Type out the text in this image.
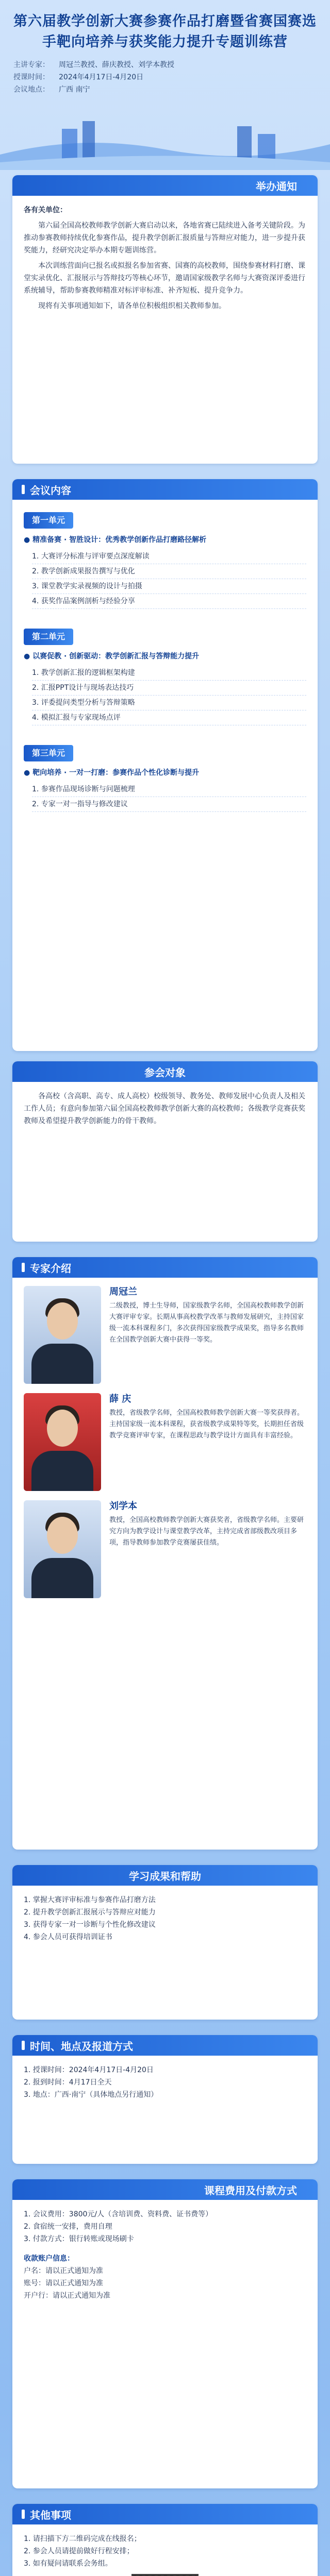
第六届教学创新大赛参赛作品打磨暨省赛国赛选手靶向培养与获奖能力提升专题训练营
主讲专家：	周冠兰教授、薛庆教授、刘学本教授
授课时间：	2024年4月17日-4月20日
会议地点：	广西 南宁
举办通知
各有关单位：

第六届全国高校教师教学创新大赛启动以来，各地省赛已陆续进入备考关键阶段。为推动参赛教师持续优化参赛作品，提升教学创新汇报质量与答辩应对能力，进一步提升获奖能力，经研究决定举办本期专题训练营。

本次训练营面向已报名或拟报名参加省赛、国赛的高校教师，围绕参赛材料打磨、课堂实录优化、汇报展示与答辩技巧等核心环节，邀请国家级教学名师与大赛资深评委进行系统辅导，帮助参赛教师精准对标评审标准、补齐短板、提升竞争力。

现将有关事项通知如下，请各单位积极组织相关教师参加。

会议内容
第一单元
● 精准备赛 · 智胜设计：优秀教学创新作品打磨路径解析
1. 大赛评分标准与评审要点深度解读
2. 教学创新成果报告撰写与优化
3. 课堂教学实录视频的设计与拍摄
4. 获奖作品案例剖析与经验分享
第二单元
● 以赛促教 · 创新驱动：教学创新汇报与答辩能力提升
1. 教学创新汇报的逻辑框架构建
2. 汇报PPT设计与现场表达技巧
3. 评委提问类型分析与答辩策略
4. 模拟汇报与专家现场点评
第三单元
● 靶向培养 · 一对一打磨：参赛作品个性化诊断与提升
1. 参赛作品现场诊断与问题梳理
2. 专家一对一指导与修改建议
参会对象

各高校（含高职、高专、成人高校）校级领导、教务处、教师发展中心负责人及相关工作人员；有意向参加第六届全国高校教师教学创新大赛的高校教师；各级教学竞赛获奖教师及希望提升教学创新能力的骨干教师。

专家介绍
周冠兰
二级教授，博士生导师，国家级教学名师，全国高校教师教学创新大赛评审专家。长期从事高校教学改革与教师发展研究，主持国家级一流本科课程多门，多次获得国家级教学成果奖，指导多名教师在全国教学创新大赛中获得一等奖。
薛 庆
教授，省级教学名师，全国高校教师教学创新大赛一等奖获得者。主持国家级一流本科课程，获省级教学成果特等奖，长期担任省级教学竞赛评审专家，在课程思政与教学设计方面具有丰富经验。
刘学本
教授，全国高校教师教学创新大赛获奖者，省级教学名师。主要研究方向为教学设计与课堂教学改革，主持完成省部级教改项目多项，指导教师参加教学竞赛屡获佳绩。
学习成果和帮助
1. 掌握大赛评审标准与参赛作品打磨方法
2. 提升教学创新汇报展示与答辩应对能力
3. 获得专家一对一诊断与个性化修改建议
4. 参会人员可获得培训证书
时间、地点及报道方式
1. 授课时间：2024年4月17日-4月20日
2. 报到时间：4月17日全天
3. 地点：广西·南宁（具体地点另行通知）
课程费用及付款方式
1. 会议费用：3800元/人（含培训费、资料费、证书费等）
2. 食宿统一安排，费用自理
3. 付款方式：银行转账或现场刷卡
收款账户信息：
户名：请以正式通知为准
账号：请以正式通知为准
开户行：请以正式通知为准
其他事项
1. 请扫描下方二维码完成在线报名；
2. 参会人员请提前做好行程安排；
3. 如有疑问请联系会务组。
